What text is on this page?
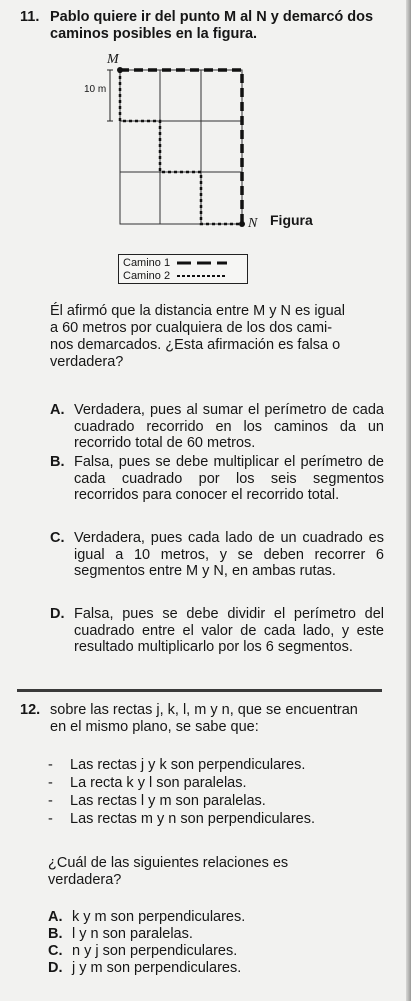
11. Pablo quiere ir del punto M al N y demarcó dos
caminos posibles en la figura.
M
10 m
N Figura
Camino 1
Camino 2
Él afirmó que la distancia entre M y N es igual
a 60 metros por cualquiera de los dos cami-
nos demarcados. ¿Esta afirmación es falsa o
verdadera?
A. Verdadera, pues al sumar el perímetro de cada cuadrado recorrido en los caminos da un recorrido total de 60 metros.
B. Falsa, pues se debe multiplicar el perímetro de cada cuadrado por los seis segmentos recorridos para conocer el recorrido total.
C. Verdadera, pues cada lado de un cuadrado es igual a 10 metros, y se deben recorrer 6 segmentos entre M y N, en ambas rutas.
D. Falsa, pues se debe dividir el perímetro del cuadrado entre el valor de cada lado, y este resultado multiplicarlo por los 6 segmentos.
12. sobre las rectas j, k, l, m y n, que se encuentran
en el mismo plano, se sabe que:
- Las rectas j y k son perpendiculares.
- La recta k y l son paralelas.
- Las rectas l y m son paralelas.
- Las rectas m y n son perpendiculares.
¿Cuál de las siguientes relaciones es
verdadera?
A. k y m son perpendiculares.
B. l y n son paralelas.
C. n y j son perpendiculares.
D. j y m son perpendiculares.
